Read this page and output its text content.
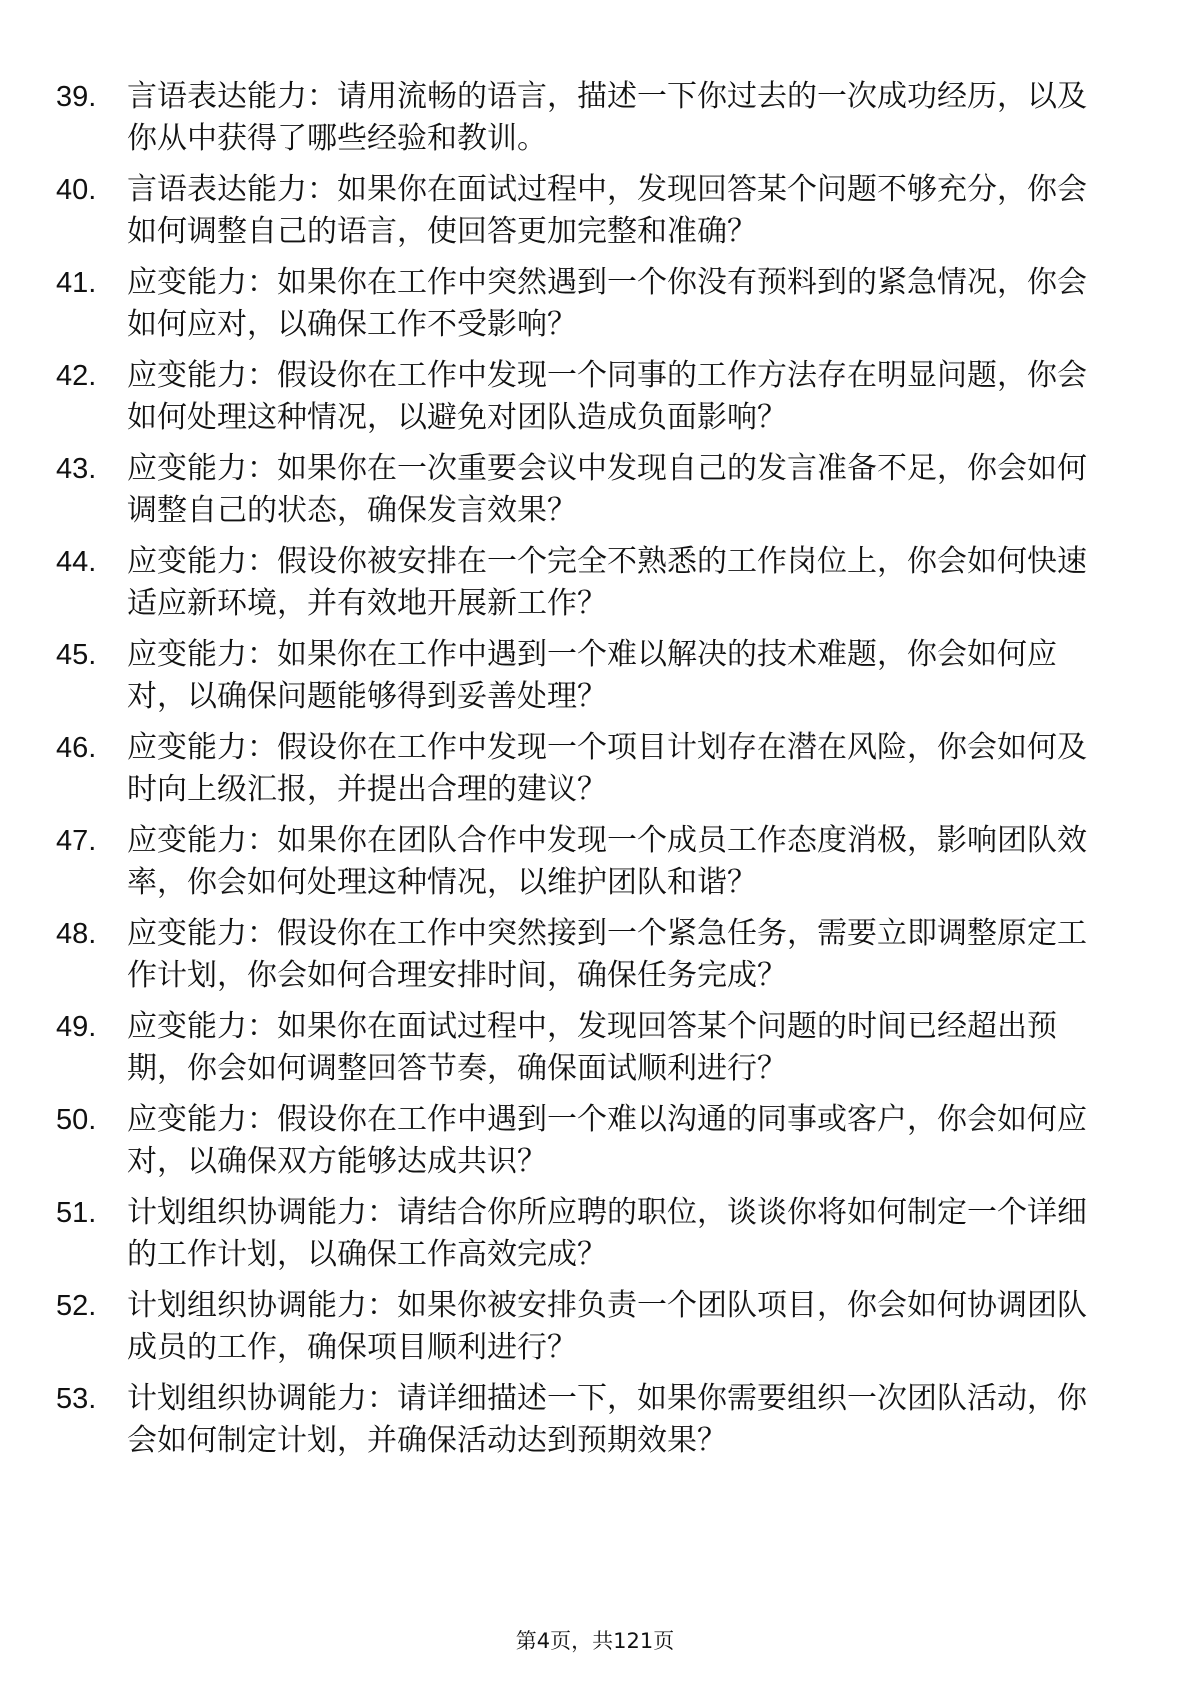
39.	言语表达能力：请用流畅的语言，描述一下你过去的一次成功经历，以及你从中获得了哪些经验和教训。
40.	言语表达能力：如果你在面试过程中，发现回答某个问题不够充分，你会如何调整自己的语言，使回答更加完整和准确？
41.	应变能力：如果你在工作中突然遇到一个你没有预料到的紧急情况，你会如何应对，以确保工作不受影响？
42.	应变能力：假设你在工作中发现一个同事的工作方法存在明显问题，你会如何处理这种情况，以避免对团队造成负面影响？
43.	应变能力：如果你在一次重要会议中发现自己的发言准备不足，你会如何调整自己的状态，确保发言效果？
44.	应变能力：假设你被安排在一个完全不熟悉的工作岗位上，你会如何快速适应新环境，并有效地开展新工作？
45.	应变能力：如果你在工作中遇到一个难以解决的技术难题，你会如何应对，以确保问题能够得到妥善处理？
46.	应变能力：假设你在工作中发现一个项目计划存在潜在风险，你会如何及时向上级汇报，并提出合理的建议？
47.	应变能力：如果你在团队合作中发现一个成员工作态度消极，影响团队效率，你会如何处理这种情况，以维护团队和谐？
48.	应变能力：假设你在工作中突然接到一个紧急任务，需要立即调整原定工作计划，你会如何合理安排时间，确保任务完成？
49.	应变能力：如果你在面试过程中，发现回答某个问题的时间已经超出预期，你会如何调整回答节奏，确保面试顺利进行？
50.	应变能力：假设你在工作中遇到一个难以沟通的同事或客户，你会如何应对，以确保双方能够达成共识？
51.	计划组织协调能力：请结合你所应聘的职位，谈谈你将如何制定一个详细的工作计划，以确保工作高效完成？
52.	计划组织协调能力：如果你被安排负责一个团队项目，你会如何协调团队成员的工作，确保项目顺利进行？
53.	计划组织协调能力：请详细描述一下，如果你需要组织一次团队活动，你会如何制定计划，并确保活动达到预期效果？
第4页，共121页
